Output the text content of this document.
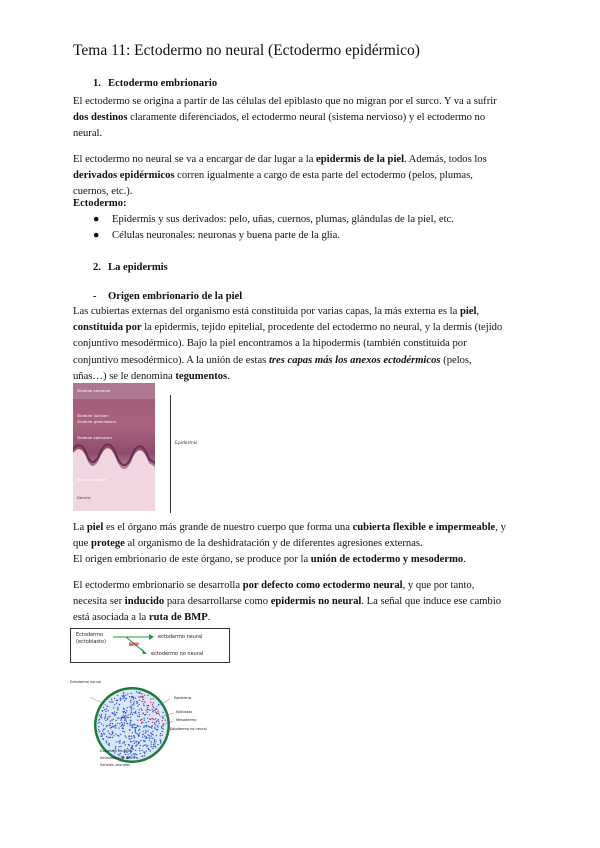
Tema 11: Ectodermo no neural (Ectodermo epidérmico)
1. Ectodermo embrionario
El ectodermo se origina a partir de las células del epiblasto que no migran por el surco. Y va a sufrir
dos destinos claramente diferenciados, el ectodermo neural (sistema nervioso) y el ectodermo no
neural.
El ectodermo no neural se va a encargar de dar lugar a la epidermis de la piel. Además, todos los
derivados epidérmicos corren igualmente a cargo de esta parte del ectodermo (pelos, plumas,
cuernos, etc.).
Ectodermo:
● Epidermis y sus derivados: pelo, uñas, cuernos, plumas, glándulas de la piel, etc.
● Células neuronales: neuronas y buena parte de la glia.
2. La epidermis
- Origen embrionario de la piel
Las cubiertas externas del organismo está constituida por varias capas, la más externa es la piel,
constituida por la epidermis, tejido epitelial, procedente del ectodermo no neural, y la dermis (tejido
conjuntivo mesodérmico). Bajo la piel encontramos a la hipodermis (también constituida por
conjuntivo mesodérmico). A la unión de estas tres capas más los anexos ectodérmicos (pelos,
uñas…) se le denomina tegumentos.
Stratum corneum
Stratum lucidum
Stratum granulosum
Stratum spinosum
Stratum basale
Dermis
Epidermis
La piel es el órgano más grande de nuestro cuerpo que forma una cubierta flexible e impermeable, y
que protege al organismo de la deshidratación y de diferentes agresiones externas.
El origen embrionario de este órgano, se produce por la unión de ectodermo y mesodermo.
El ectodermo embrionario se desarrolla por defecto como ectodermo neural, y que por tanto,
necesita ser inducido para desarrollarse como epidermis no neural. La señal que induce ese cambio
está asociada a la ruta de BMP.
Ectodermo
(ectoblasto)	BMP
ectodermo neural
ectodermo no neural
Ectodermo neural
Epidermis
Epiblasto
Mesodermo
Ectodermo no neural
Expresión de BMP
Inhibidores de BMP
Señales neurales
